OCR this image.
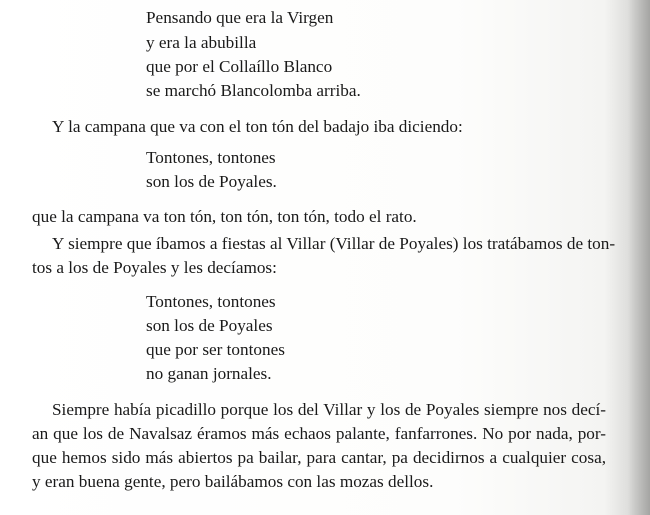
Pensando que era la Virgen
y era la abubilla
que por el Collaíllo Blanco
se marchó Blancolomba arriba.
Y la campana que va con el ton tón del badajo iba diciendo:
Tontones, tontones
son los de Poyales.
que la campana va ton tón, ton tón, ton tón, todo el rato.
Y siempre que íbamos a fiestas al Villar (Villar de Poyales) los tratábamos de ton-
tos a los de Poyales y les decíamos:
Tontones, tontones
son los de Poyales
que por ser tontones
no ganan jornales.
Siempre había picadillo porque los del Villar y los de Poyales siempre nos decí-
an que los de Navalsaz éramos más echaos palante, fanfarrones. No por nada, por-
que hemos sido más abiertos pa bailar, para cantar, pa decidirnos a cualquier cosa,
y eran buena gente, pero bailábamos con las mozas dellos.
